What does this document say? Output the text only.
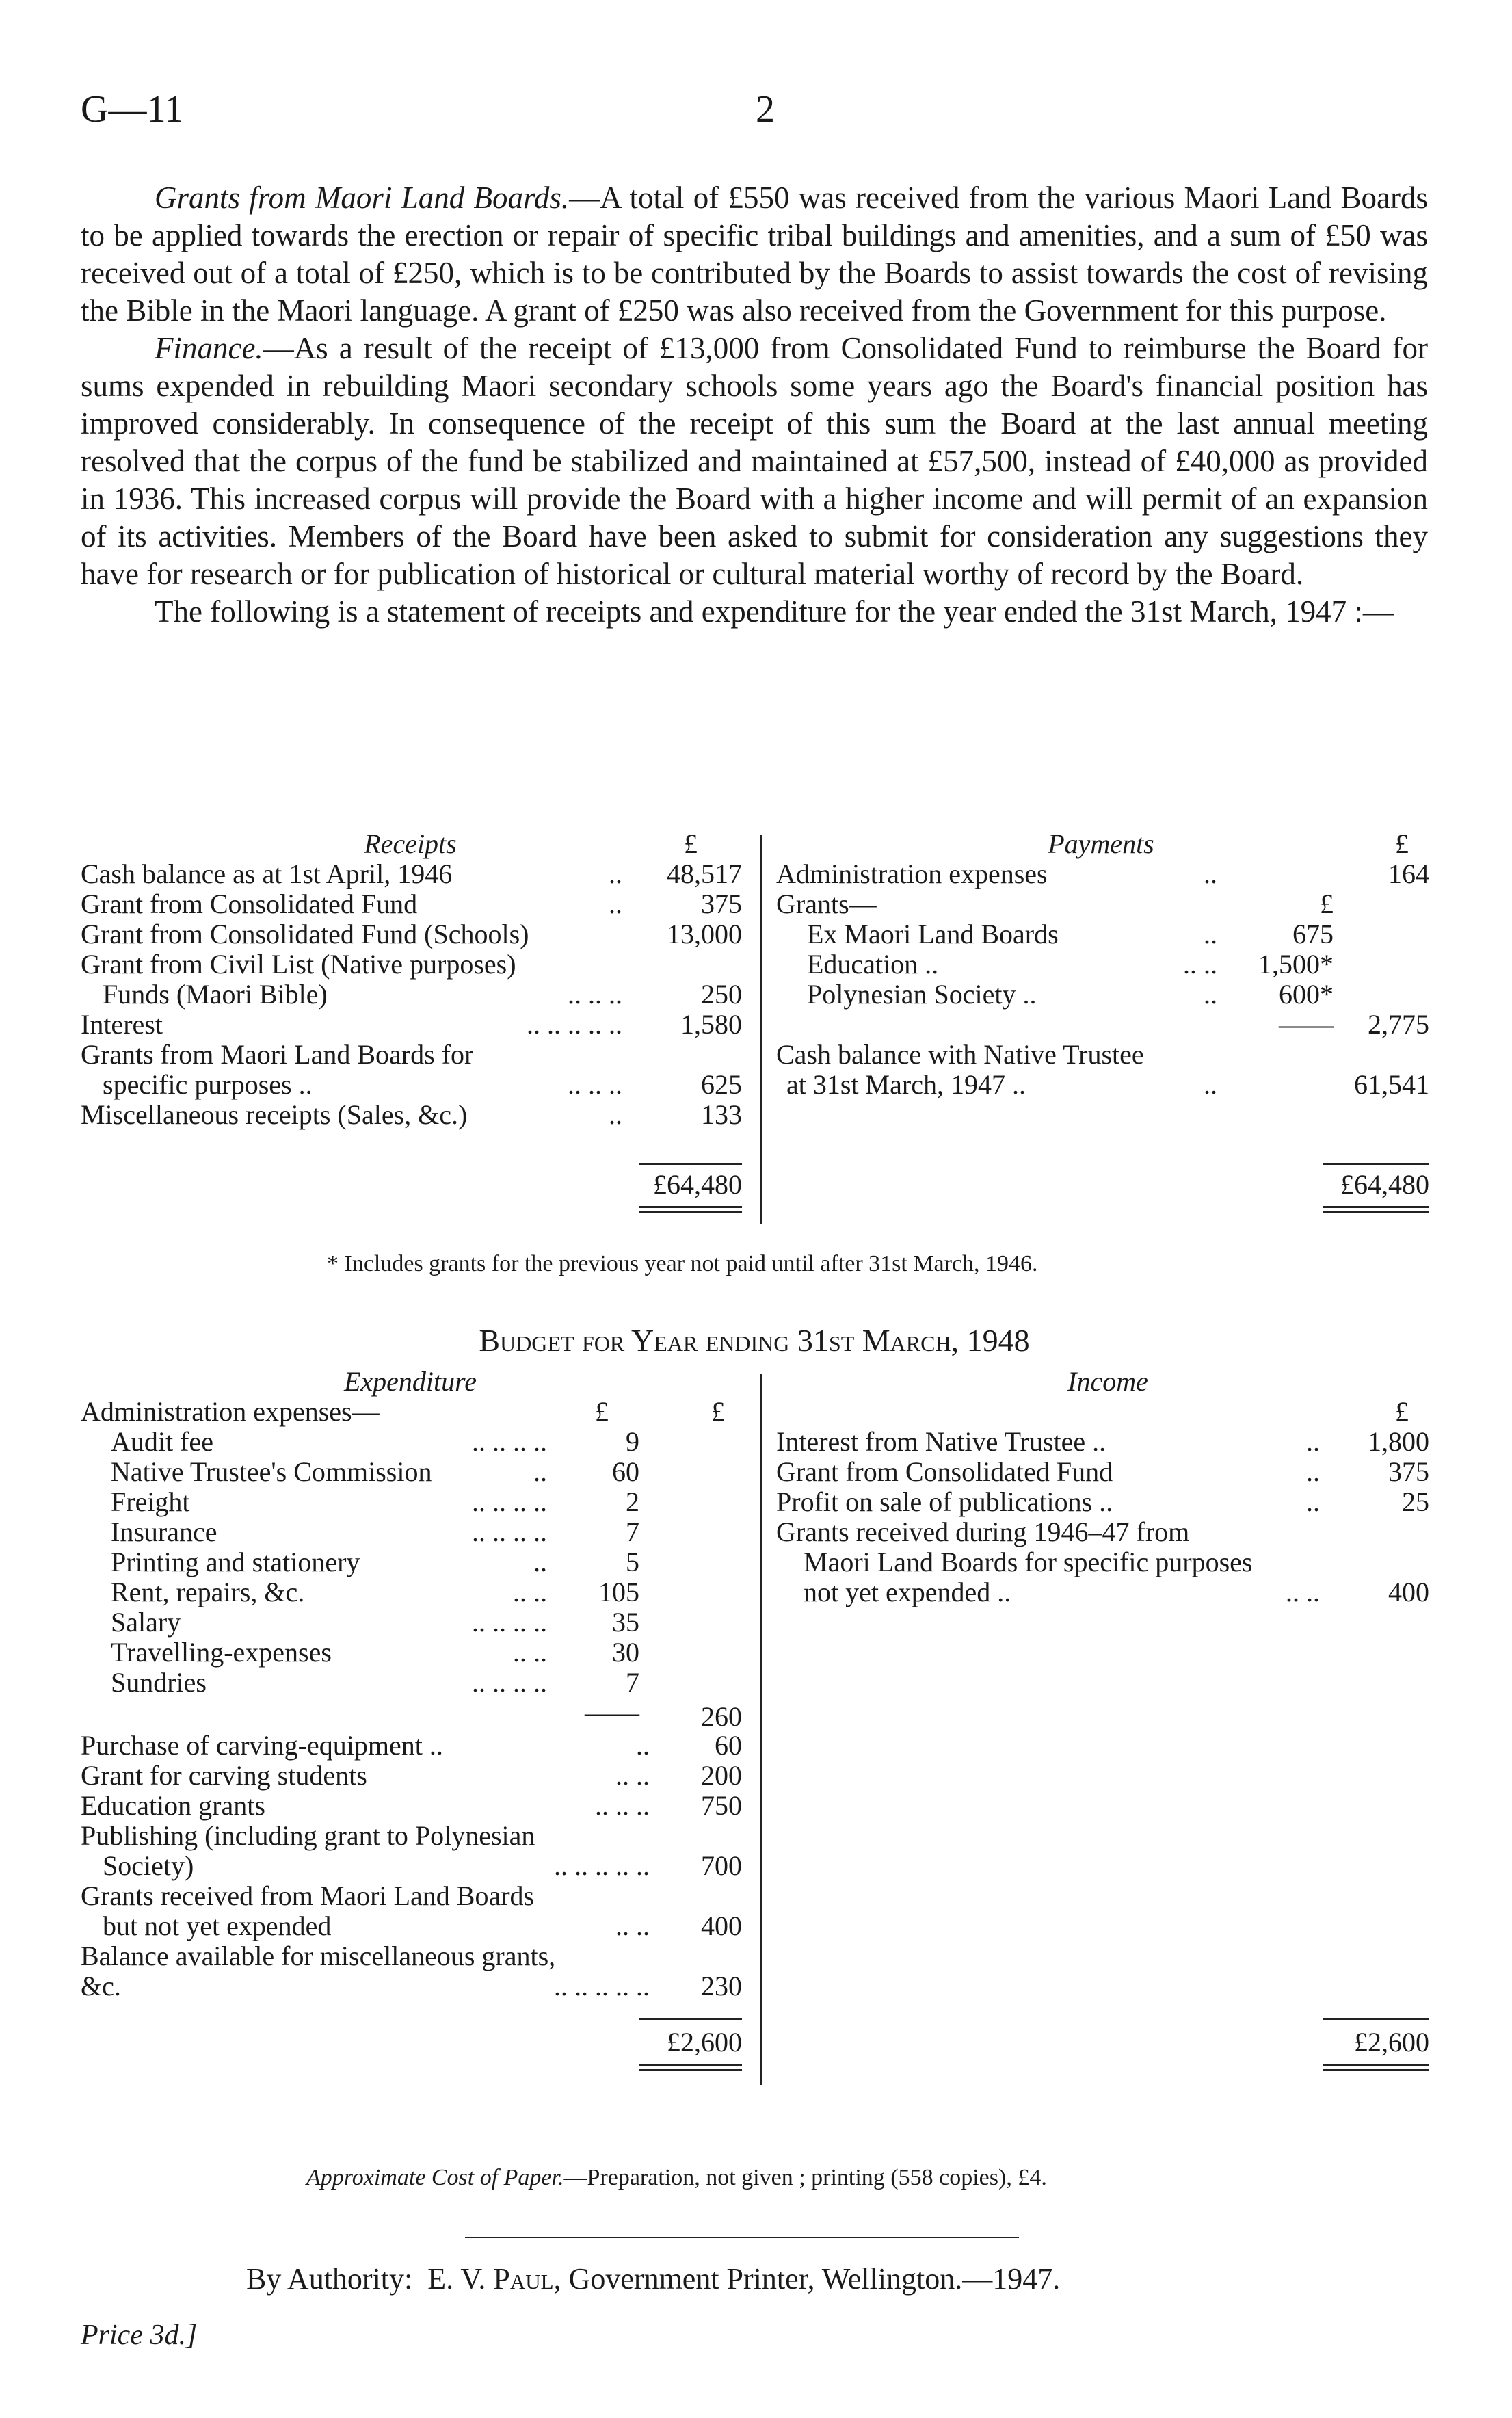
G—11	2

Grants from Maori Land Boards.—A total of £550 was received from the various Maori Land Boards to be applied towards the erection or repair of specific tribal buildings and amenities, and a sum of £50 was received out of a total of £250, which is to be contributed by the Boards to assist towards the cost of revising the Bible in the Maori language. A grant of £250 was also received from the Government for this purpose.

Finance.—As a result of the receipt of £13,000 from Consolidated Fund to reimburse the Board for sums expended in rebuilding Maori secondary schools some years ago the Board's financial position has improved considerably. In consequence of the receipt of this sum the Board at the last annual meeting resolved that the corpus of the fund be stabilized and maintained at £57,500, instead of £40,000 as provided in 1936. This increased corpus will provide the Board with a higher income and will permit of an expansion of its activities. Members of the Board have been asked to submit for consideration any suggestions they have for research or for publication of historical or cultural material worthy of record by the Board.

The following is a statement of receipts and expenditure for the year ended the 31st March, 1947 :—

Receipts	£	Payments	£
Cash balance as at 1st April, 1946	..	48,517
Grant from Consolidated Fund	..	375
Grant from Consolidated Fund (Schools)	13,000
Grant from Civil List (Native purposes)
Funds (Maori Bible)	.. .. ..	250
Interest	.. .. .. .. ..	1,580
Grants from Maori Land Boards for
specific purposes ..	.. .. ..	625
Miscellaneous receipts (Sales, &c.)	..	133
Administration expenses	..	164
Grants—	£
Ex Maori Land Boards	..	675
Education ..	.. ..	1,500*
Polynesian Society ..	..	600*
——	2,775
Cash balance with Native Trustee
at 31st March, 1947 ..	..	61,541
£64,480	£64,480
* Includes grants for the previous year not paid until after 31st March, 1946.
Budget for Year ending 31st March, 1948
Expenditure	Income
Administration expenses—	£	£	£
Audit fee	.. .. .. ..	9
Native Trustee's Commission	..	60
Freight	.. .. .. ..	2
Insurance	.. .. .. ..	7
Printing and stationery	..	5
Rent, repairs, &c.	.. ..	105
Salary	.. .. .. ..	35
Travelling-expenses	.. ..	30
Sundries	.. .. .. ..	7
——	260
Purchase of carving-equipment ..	..	60
Grant for carving students	.. ..	200
Education grants	.. .. ..	750
Publishing (including grant to Polynesian
Society)	.. .. .. .. ..	700
Grants received from Maori Land Boards
but not yet expended	.. ..	400
Balance available for miscellaneous grants,
&c.	.. .. .. .. ..	230
Interest from Native Trustee ..	..	1,800
Grant from Consolidated Fund	..	375
Profit on sale of publications ..	..	25
Grants received during 1946–47 from
Maori Land Boards for specific purposes
not yet expended ..	.. ..	400
£2,600	£2,600
Approximate Cost of Paper.—Preparation, not given ; printing (558 copies), £4.
By Authority: E. V. Paul, Government Printer, Wellington.—1947.
Price 3d.]
